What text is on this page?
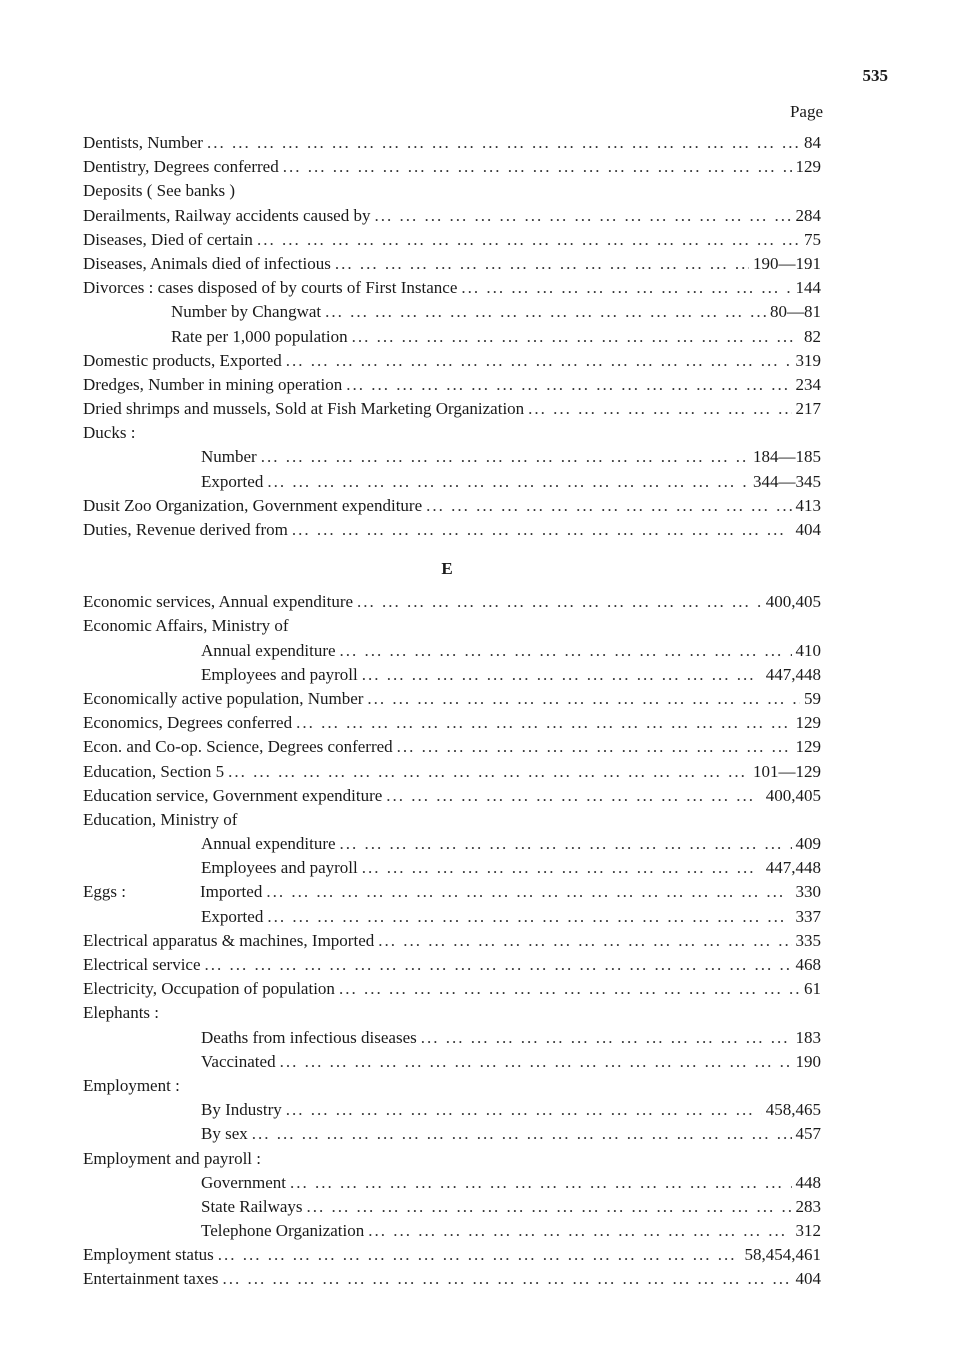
535
Page
Dentists, Number ... .	84
Dentistry, Degrees conferred ... .	129
Deposits ( See banks )
Derailments, Railway accidents caused by ... .	284
Diseases, Died of certain ... .	75
Diseases, Animals died of infectious ... .	190—191
Divorces : cases disposed of by courts of First Instance ... .	144
Number by Changwat ... .	80—81
Rate per 1,000 population ... .	82
Domestic products, Exported ... .	319
Dredges, Number in mining operation ... .	234
Dried shrimps and mussels, Sold at Fish Marketing Organization ... .	217
Ducks :
Number ... .	184—185
Exported ... .	344—345
Dusit Zoo Organization, Government expenditure ... .	413
Duties, Revenue derived from ... .	404
E
Economic services, Annual expenditure ... .	400,405
Economic Affairs, Ministry of
Annual expenditure ... .	410
Employees and payroll ... .	447,448
Economically active population, Number ... .	59
Economics, Degrees conferred ... .	129
Econ. and Co-op. Science, Degrees conferred ... .	129
Education, Section 5 ... .	101—129
Education service, Government expenditure ... .	400,405
Education, Ministry of
Annual expenditure ... .	409
Employees and payroll ... .	447,448
Eggs :	Imported ... .	330
Exported ... .	337
Electrical apparatus & machines, Imported ... .	335
Electrical service ... .	468
Electricity, Occupation of population ... .	61
Elephants :
Deaths from infectious diseases ... .	183
Vaccinated ... .	190
Employment :
By Industry ... .	458,465
By sex ... .	457
Employment and payroll :
Government ... .	448
State Railways ... .	283
Telephone Organization ... .	312
Employment status ... .	58,454,461
Entertainment taxes ... .	404
